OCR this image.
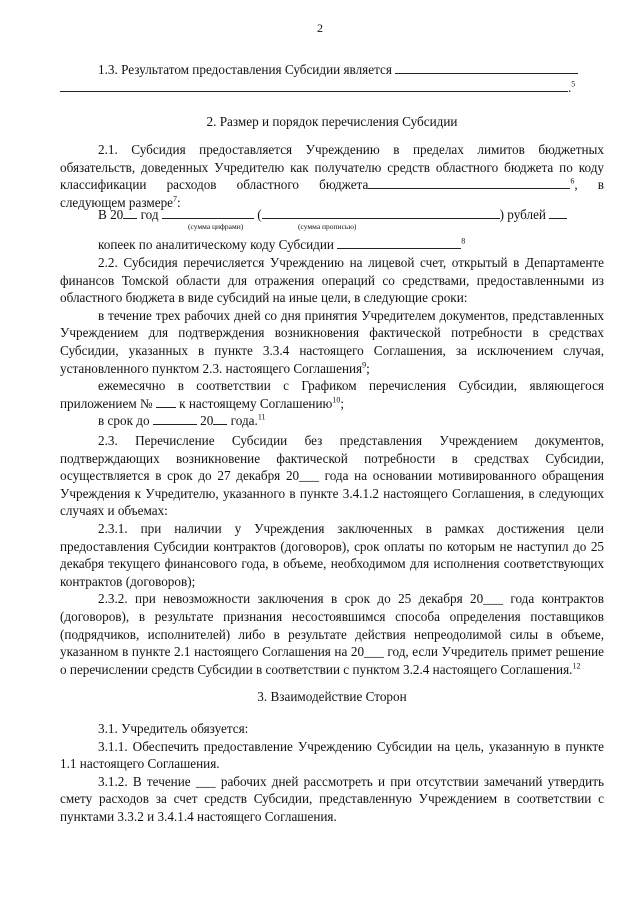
2

1.3. Результатом предоставления Субсидии является

.$^5$

2. Размер и порядок перечисления Субсидии

2.1. Субсидия предоставляется Учреждению в пределах лимитов бюджетных обязательств, доведенных Учредителю как получателю средств областного бюджета по коду классификации расходов областного бюджета	$^6$, в следующем размере$^7$:

В 20 год	(	) рублей
(сумма цифрами)	(сумма прописью)
копеек по аналитическому коду Субсидии	$^8$

2.2. Субсидия перечисляется Учреждению на лицевой счет, открытый в Департаменте финансов Томской области для отражения операций со средствами, предоставленными из областного бюджета в виде субсидий на иные цели, в следующие сроки:

в течение трех рабочих дней со дня принятия Учредителем документов, представленных Учреждением для подтверждения возникновения фактической потребности в средствах Субсидии, указанных в пункте 3.3.4 настоящего Соглашения, за исключением случая, установленного пунктом 2.3. настоящего Соглашения$^9$;

ежемесячно в соответствии с Графиком перечисления Субсидии, являющегося приложением № к настоящему Соглашению$^{10}$;

в срок до	20 года.$^{11}$

2.3. Перечисление Субсидии без представления Учреждением документов, подтверждающих возникновение фактической потребности в средствах Субсидии, осуществляется в срок до 27 декабря 20___ года на основании мотивированного обращения Учреждения к Учредителю, указанного в пункте 3.4.1.2 настоящего Соглашения, в следующих случаях и объемах:

2.3.1. при наличии у Учреждения заключенных в рамках достижения цели предоставления Субсидии контрактов (договоров), срок оплаты по которым не наступил до 25 декабря текущего финансового года, в объеме, необходимом для исполнения соответствующих контрактов (договоров);

2.3.2. при невозможности заключения в срок до 25 декабря 20___ года контрактов (договоров), в результате признания несостоявшимся способа определения поставщиков (подрядчиков, исполнителей) либо в результате действия непреодолимой силы в объеме, указанном в пункте 2.1 настоящего Соглашения на 20___ год, если Учредитель примет решение о перечислении средств Субсидии в соответствии с пунктом 3.2.4 настоящего Соглашения.$^{12}$

3. Взаимодействие Сторон

3.1. Учредитель обязуется:

3.1.1. Обеспечить предоставление Учреждению Субсидии на цель, указанную в пункте 1.1 настоящего Соглашения.

3.1.2. В течение ___ рабочих дней рассмотреть и при отсутствии замечаний утвердить смету расходов за счет средств Субсидии, представленную Учреждением в соответствии с пунктами 3.3.2 и 3.4.1.4 настоящего Соглашения.
